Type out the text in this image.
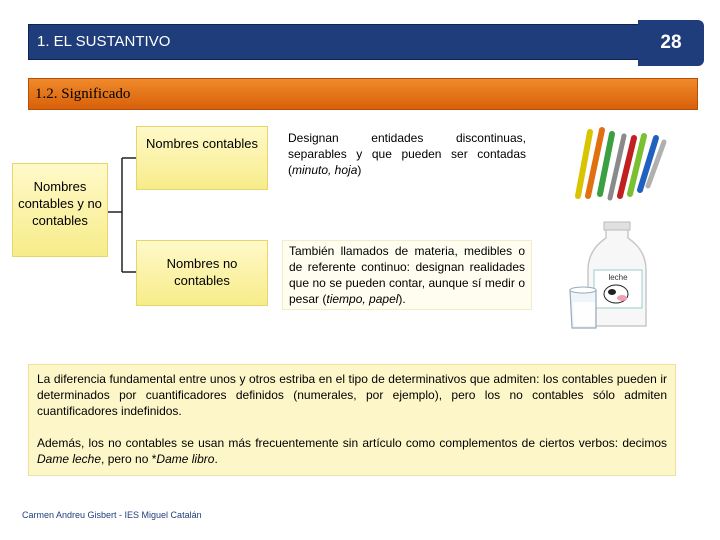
1. EL SUSTANTIVO	28
1.2. Significado
Nombres contables y no contables
Nombres contables
Nombres no contables
Designan entidades discontinuas, separables y que pueden ser contadas (minuto, hoja)
También llamados de materia, medibles o de referente continuo: designan realidades que no se pueden contar, aunque sí medir o pesar (tiempo, papel).
leche
La diferencia fundamental entre unos y otros estriba en el tipo de determinativos que admiten: los contables pueden ir determinados por cuantificadores definidos (numerales, por ejemplo), pero los no contables sólo admiten cuantificadores indefinidos.
Además, los no contables se usan más frecuentemente sin artículo como complementos de ciertos verbos: decimos Dame leche, pero no *Dame libro.
Carmen Andreu Gisbert - IES Miguel Catalán
